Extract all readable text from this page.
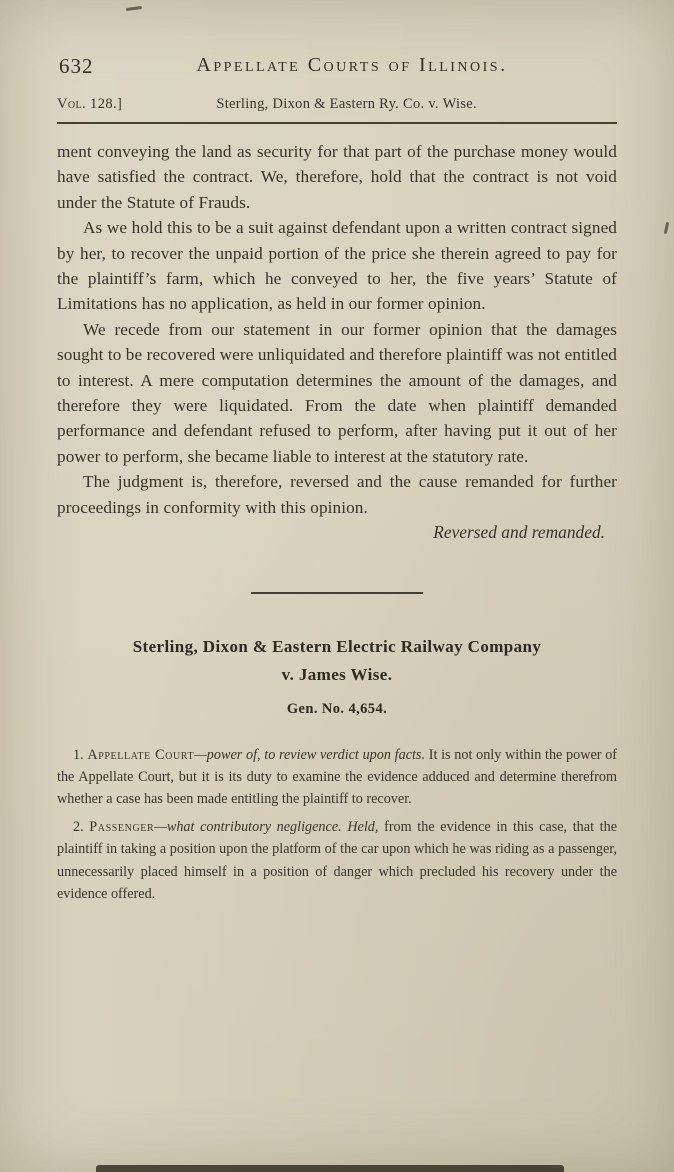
632	Appellate Courts of Illinois.
Vol. 128.]	Sterling, Dixon & Eastern Ry. Co. v. Wise.

ment conveying the land as security for that part of the purchase money would have satisfied the contract. We, therefore, hold that the contract is not void under the Statute of Frauds.

As we hold this to be a suit against defendant upon a written contract signed by her, to recover the unpaid portion of the price she therein agreed to pay for the plaintiff’s farm, which he conveyed to her, the five years’ Statute of Limitations has no application, as held in our former opinion.

We recede from our statement in our former opinion that the damages sought to be recovered were unliquidated and therefore plaintiff was not entitled to interest. A mere computation determines the amount of the damages, and therefore they were liquidated. From the date when plaintiff demanded performance and defendant refused to perform, after having put it out of her power to perform, she became liable to interest at the statutory rate.

The judgment is, therefore, reversed and the cause remanded for further proceedings in conformity with this opinion.

Reversed and remanded.

Sterling, Dixon & Eastern Electric Railway Company
v. James Wise.
Gen. No. 4,654.

1. Appellate Court—power of, to review verdict upon facts. It is not only within the power of the Appellate Court, but it is its duty to examine the evidence adduced and determine therefrom whether a case has been made entitling the plaintiff to recover.

2. Passenger—what contributory negligence. Held, from the evidence in this case, that the plaintiff in taking a position upon the platform of the car upon which he was riding as a passenger, unnecessarily placed himself in a position of danger which precluded his recovery under the evidence offered.
